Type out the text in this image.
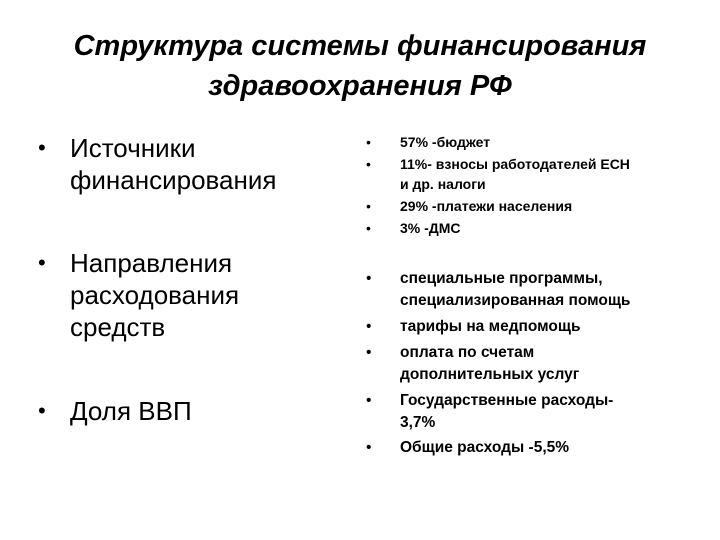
Структура системы финансирования
здравоохранения РФ
• Источники
финансирования
• Направления
расходования
средств
• Доля ВВП
• 57% -бюджет
• 11%- взносы работодателей ЕСН
и др. налоги
• 29% -платежи населения
• 3% -ДМС
• специальные программы,
специализированная помощь
• тарифы на медпомощь
• оплата по счетам
дополнительных услуг
• Государственные расходы-
3,7%
• Общие расходы -5,5%
